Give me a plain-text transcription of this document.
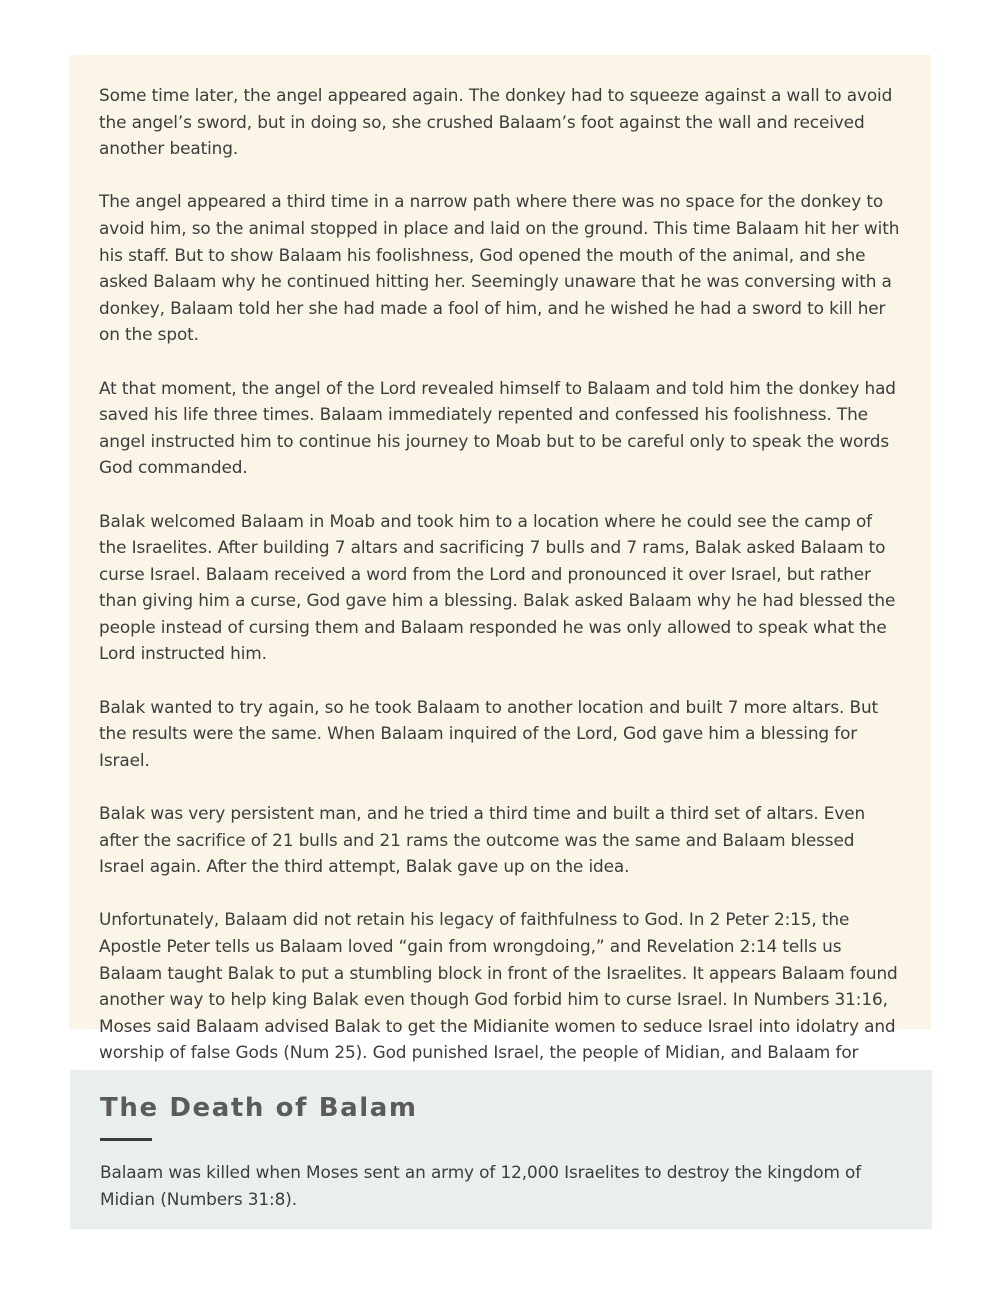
Some time later, the angel appeared again. The donkey had to squeeze against a wall to avoid the angel’s sword, but in doing so, she crushed Balaam’s foot against the wall and received another beating.

The angel appeared a third time in a narrow path where there was no space for the donkey to avoid him, so the animal stopped in place and laid on the ground. This time Balaam hit her with his staff. But to show Balaam his foolishness, God opened the mouth of the animal, and she asked Balaam why he continued hitting her. Seemingly unaware that he was conversing with a donkey, Balaam told her she had made a fool of him, and he wished he had a sword to kill her on the spot.

At that moment, the angel of the Lord revealed himself to Balaam and told him the donkey had saved his life three times. Balaam immediately repented and confessed his foolishness. The angel instructed him to continue his journey to Moab but to be careful only to speak the words God commanded.

Balak welcomed Balaam in Moab and took him to a location where he could see the camp of the Israelites. After building 7 altars and sacrificing 7 bulls and 7 rams, Balak asked Balaam to curse Israel. Balaam received a word from the Lord and pronounced it over Israel, but rather than giving him a curse, God gave him a blessing. Balak asked Balaam why he had blessed the people instead of cursing them and Balaam responded he was only allowed to speak what the Lord instructed him.

Balak wanted to try again, so he took Balaam to another location and built 7 more altars. But the results were the same. When Balaam inquired of the Lord, God gave him a blessing for Israel.

Balak was very persistent man, and he tried a third time and built a third set of altars. Even after the sacrifice of 21 bulls and 21 rams the outcome was the same and Balaam blessed Israel again. After the third attempt, Balak gave up on the idea.

Unfortunately, Balaam did not retain his legacy of faithfulness to God. In 2 Peter 2:15, the Apostle Peter tells us Balaam loved “gain from wrongdoing,” and Revelation 2:14 tells us Balaam taught Balak to put a stumbling block in front of the Israelites. It appears Balaam found another way to help king Balak even though God forbid him to curse Israel. In Numbers 31:16, Moses said Balaam advised Balak to get the Midianite women to seduce Israel into idolatry and worship of false Gods (Num 25). God punished Israel, the people of Midian, and Balaam for

The Death of Balam

Balaam was killed when Moses sent an army of 12,000 Israelites to destroy the kingdom of Midian (Numbers 31:8).
